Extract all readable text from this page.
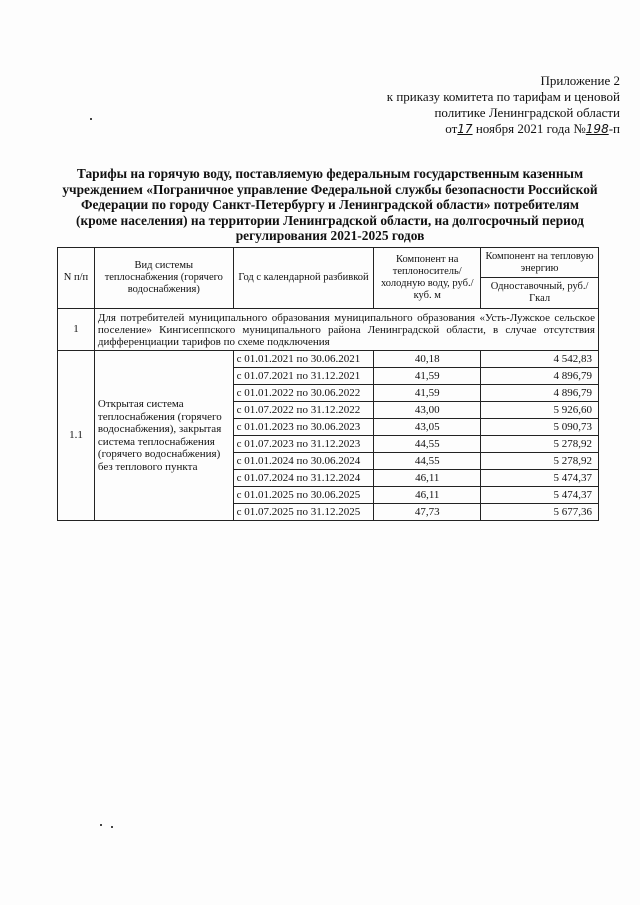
Приложение 2
к приказу комитета по тарифам и ценовой
политике Ленинградской области
от17 ноября 2021 года №198-п
Тарифы на горячую воду, поставляемую федеральным государственным казенным учреждением «Пограничное управление Федеральной службы безопасности Российской Федерации по городу Санкт-Петербургу и Ленинградской области» потребителям (кроме населения) на территории Ленинградской области, на долгосрочный период регулирования 2021-2025 годов
N п/п	Вид системы теплоснабжения (горячего водоснабжения)	Год с календарной разбивкой	Компонент на теплоноситель/ холодную воду, руб./куб. м	Компонент на тепловую энергию
				Одноставочный, руб./Гкал
1	Для потребителей муниципального образования муниципального образования «Усть-Лужское сельское поселение» Кингисеппского муниципального района Ленинградской области, в случае отсутствия дифференциации тарифов по схеме подключения			
1.1	Открытая система теплоснабжения (горячего водоснабжения), закрытая система теплоснабжения (горячего водоснабжения) без теплового пункта	с 01.01.2021 по 30.06.2021	40,18	4 542,83
		с 01.07.2021 по 31.12.2021	41,59	4 896,79
		с 01.01.2022 по 30.06.2022	41,59	4 896,79
		с 01.07.2022 по 31.12.2022	43,00	5 926,60
		с 01.01.2023 по 30.06.2023	43,05	5 090,73
		с 01.07.2023 по 31.12.2023	44,55	5 278,92
		с 01.01.2024 по 30.06.2024	44,55	5 278,92
		с 01.07.2024 по 31.12.2024	46,11	5 474,37
		с 01.01.2025 по 30.06.2025	46,11	5 474,37
		с 01.07.2025 по 31.12.2025	47,73	5 677,36
